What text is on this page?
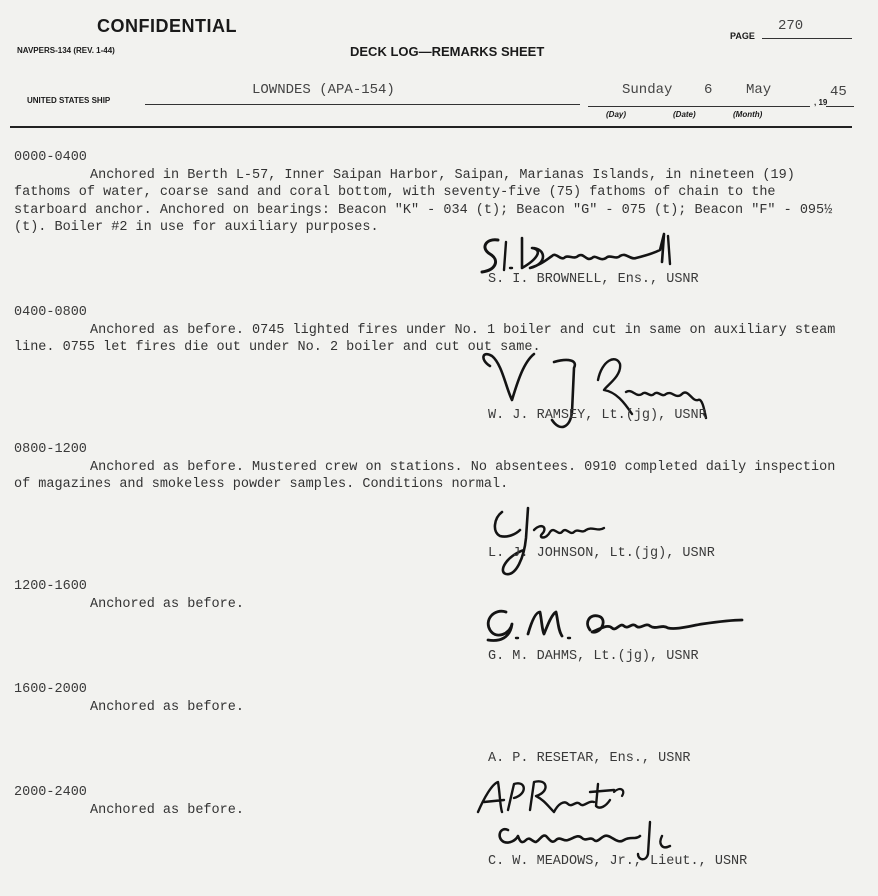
CONFIDENTIAL
NAVPERS-134 (REV. 1-44)	DECK LOG—REMARKS SHEET
PAGE
270
UNITED STATES SHIP
LOWNDES (APA-154)	Sunday 6 May
, 19
45
(Day)	(Date)	(Month)
0000-0400

Anchored in Berth L-57, Inner Saipan Harbor, Saipan, Marianas Islands, in nineteen (19) fathoms of water, coarse sand and coral bottom, with seventy-five (75) fathoms of chain to the starboard anchor. Anchored on bearings: Beacon "K" - 034 (t); Beacon "G" - 075 (t); Beacon "F" - 095½ (t). Boiler #2 in use for auxiliary purposes.

S. I. BROWNELL, Ens., USNR
0400-0800

Anchored as before. 0745 lighted fires under No. 1 boiler and cut in same on auxiliary steam line. 0755 let fires die out under No. 2 boiler and cut out same.

W. J. RAMSEY, Lt.(jg), USNR
0800-1200

Anchored as before. Mustered crew on stations. No absentees. 0910 completed daily inspection of magazines and smokeless powder samples. Conditions normal.

L. J. JOHNSON, Lt.(jg), USNR
1200-1600

Anchored as before.

G. M. DAHMS, Lt.(jg), USNR
1600-2000

Anchored as before.

A. P. RESETAR, Ens., USNR
2000-2400

Anchored as before.

C. W. MEADOWS, Jr., Lieut., USNR
